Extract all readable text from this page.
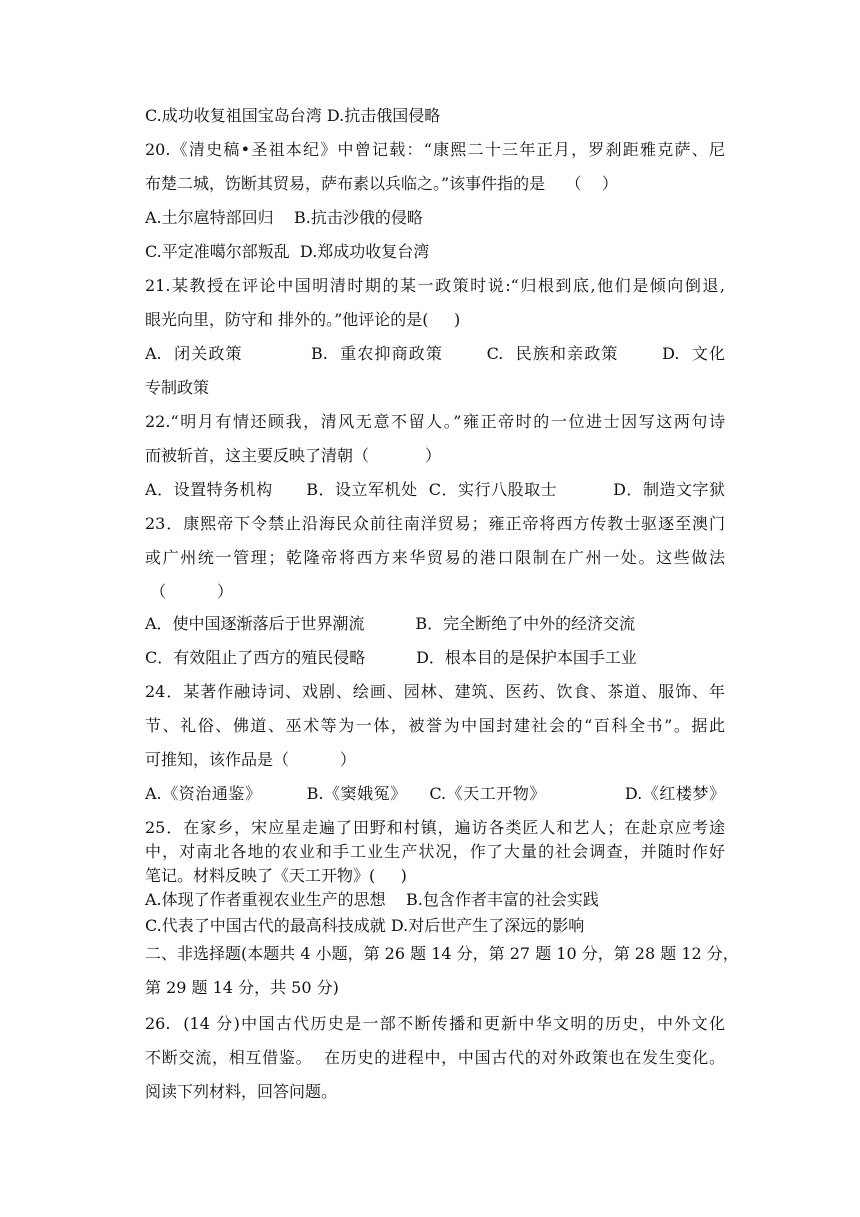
C.成功收复祖国宝岛台湾 D.抗击俄国侵略
20.《清史稿•圣祖本纪》中曾记载：“康熙二十三年正月，罗刹距雅克萨、尼
布楚二城，饬断其贸易，萨布素以兵临之。”该事件指的是    （    ）
A.土尔扈特部回归    B.抗击沙俄的侵略
C.平定准噶尔部叛乱  D.郑成功收复台湾
21.某教授在评论中国明清时期的某一政策时说:“归根到底,他们是倾向倒退,
眼光向里，防守和 排外的。”他评论的是(     )
A.  闭关政策           B.  重农抑商政策       C.  民族和亲政策       D.  文化
专制政策
22.“明月有情还顾我，清风无意不留人。”雍正帝时的一位进士因写这两句诗
而被斩首，这主要反映了清朝（           ）
A．设置特务机构      B．设立军机处  C．实行八股取士          D．制造文字狱
23．康熙帝下令禁止沿海民众前往南洋贸易；雍正帝将西方传教士驱逐至澳门
或广州统一管理；乾隆帝将西方来华贸易的港口限制在广州一处。这些做法
（          ）
A．使中国逐渐落后于世界潮流          B．完全断绝了中外的经济交流
C．有效阻止了西方的殖民侵略          D．根本目的是保护本国手工业
24．某著作融诗词、戏剧、绘画、园林、建筑、医药、饮食、茶道、服饰、年
节、礼俗、佛道、巫术等为一体，被誉为中国封建社会的“百科全书”。据此
可推知，该作品是（          ）
A.《资治通鉴》        B.《窦娥冤》    C.《天工开物》              D.《红楼梦》
25．在家乡，宋应星走遍了田野和村镇，遍访各类匠人和艺人；在赴京应考途
中，对南北各地的农业和手工业生产状况，作了大量的社会调查，并随时作好
笔记。材料反映了《天工开物》(     )
A.体现了作者重视农业生产的思想    B.包含作者丰富的社会实践
C.代表了中国古代的最高科技成就 D.对后世产生了深远的影响
二、非选择题(本题共 4 小题，第 26 题 14 分，第 27 题 10 分，第 28 题 12 分，
第 29 题 14 分，共 50 分)
26.  (14 分)中国古代历史是一部不断传播和更新中华文明的历史，中外文化
不断交流，相互借鉴。  在历史的进程中，中国古代的对外政策也在发生变化。
阅读下列材料，回答问题。
